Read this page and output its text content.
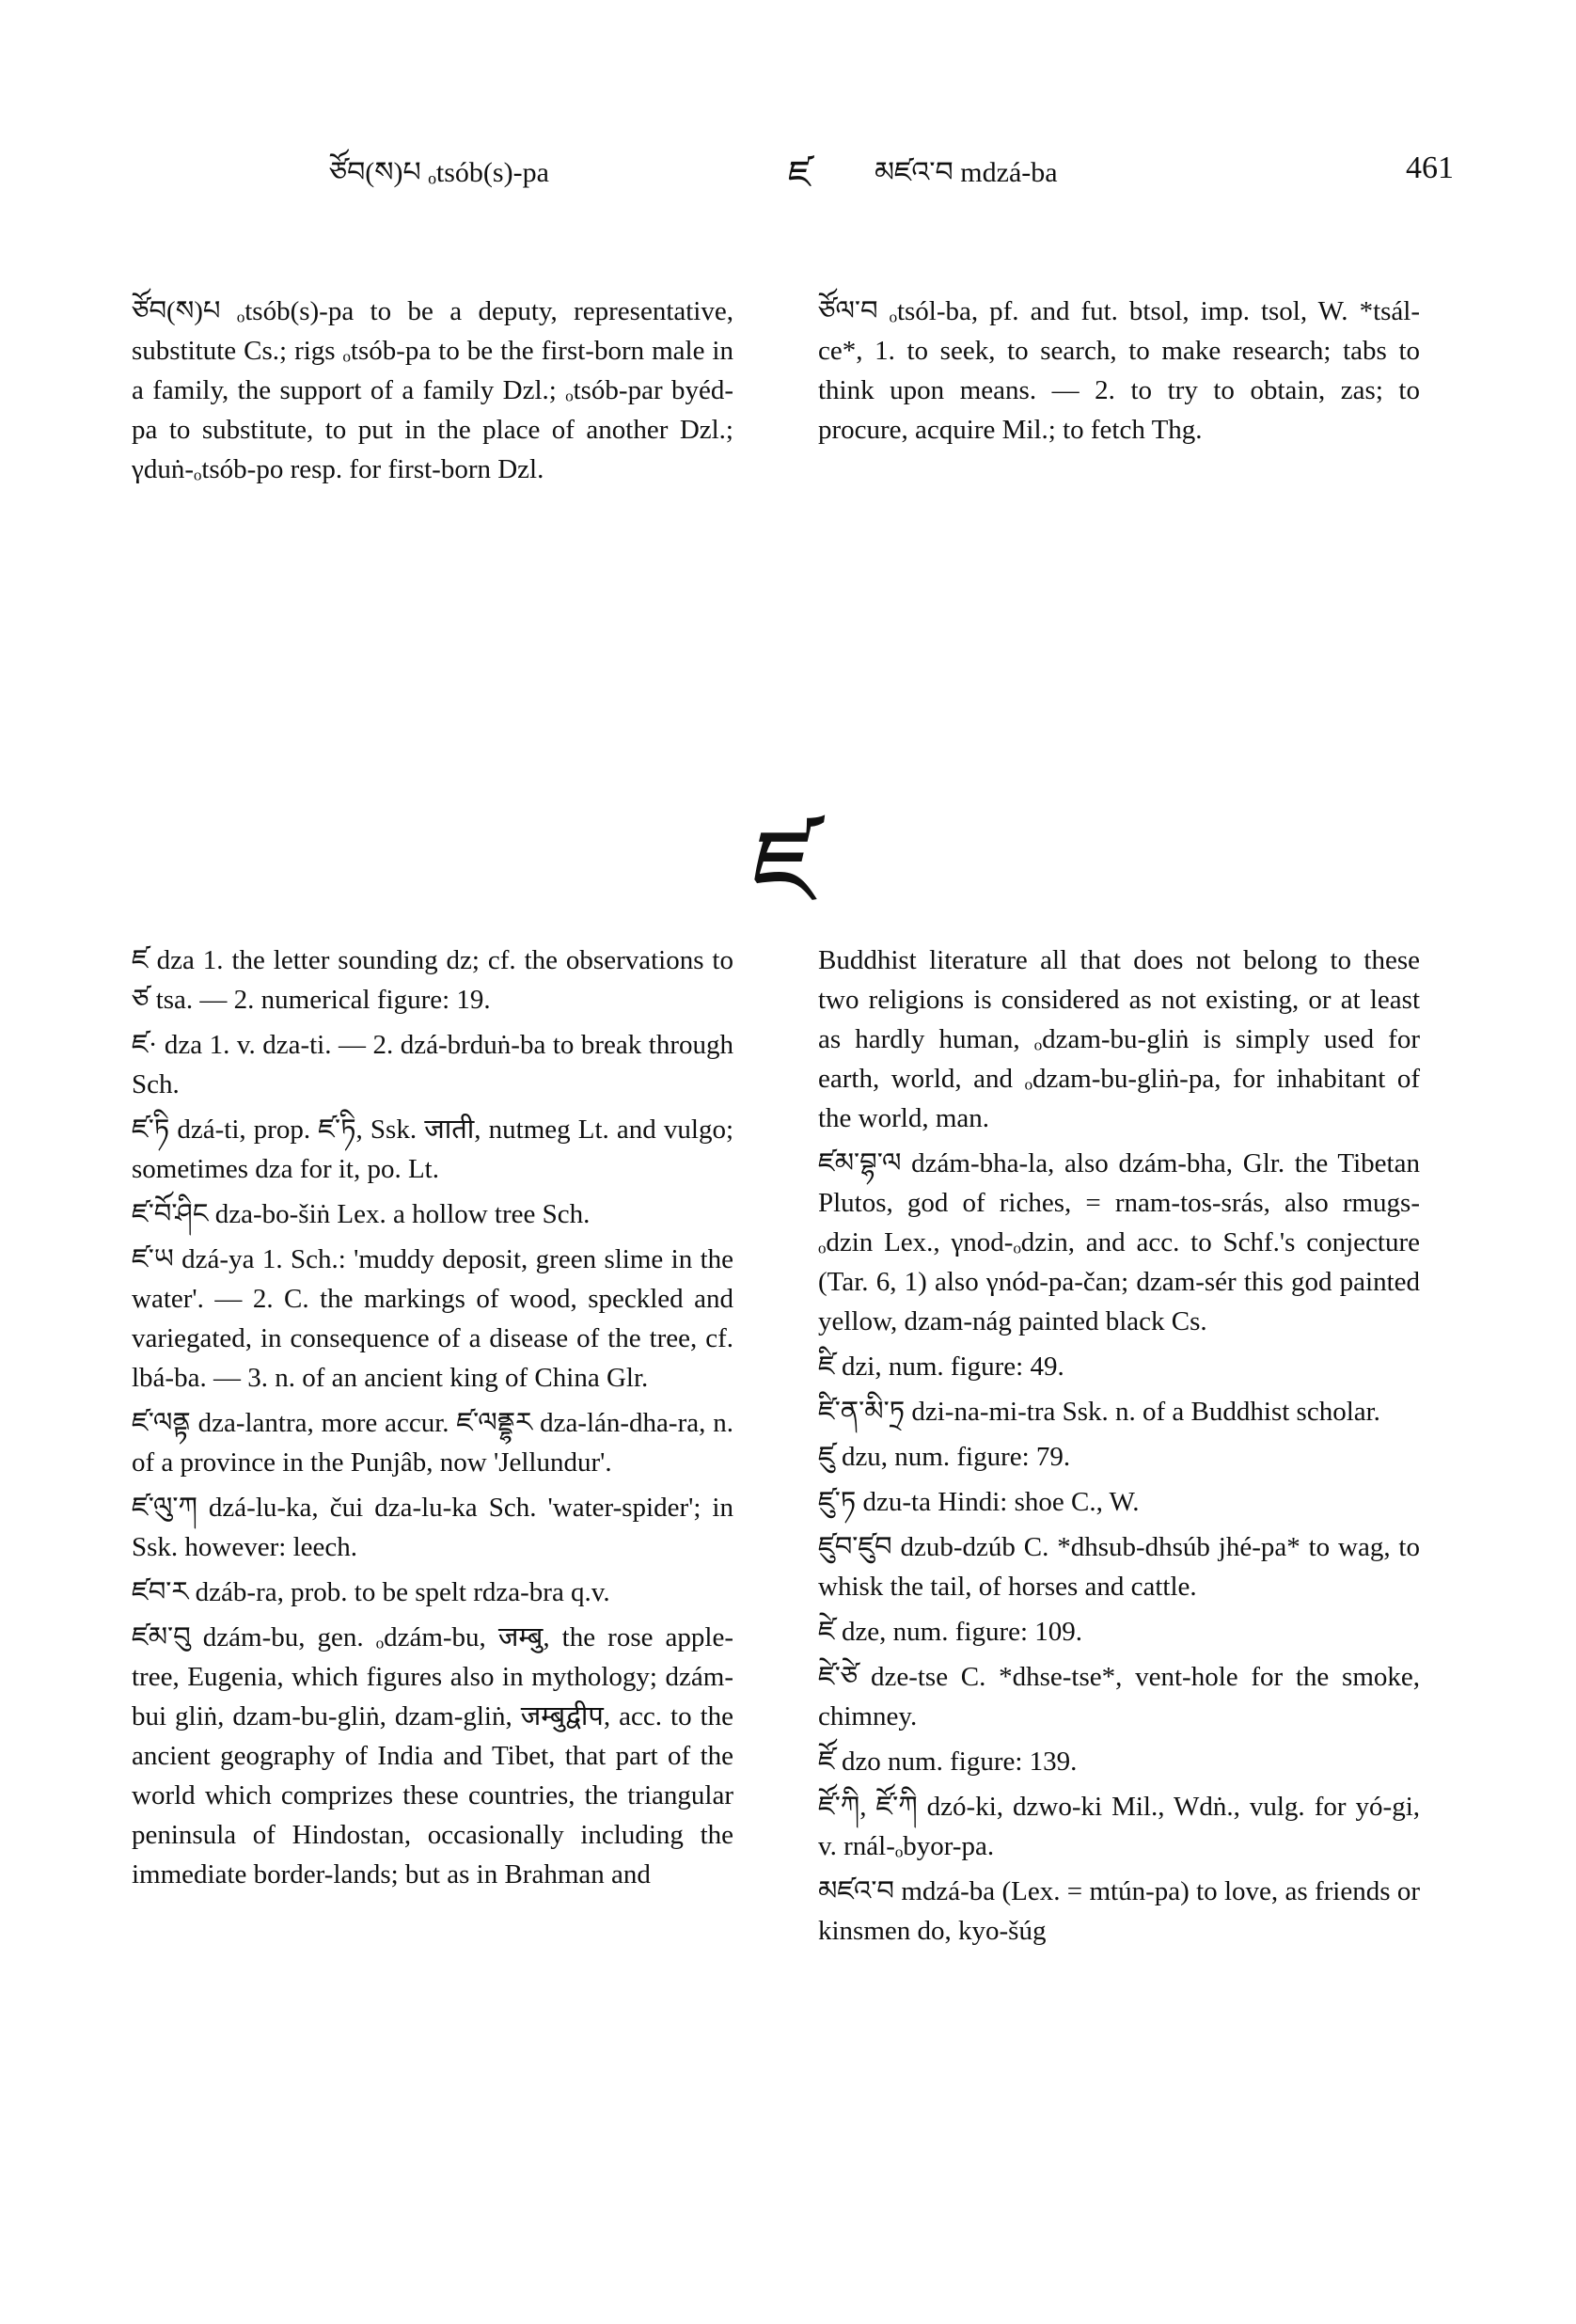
ཙོབ(ས)པ ₒtsób(s)-pa	ཛ མཛའ་བ mdzá-ba	461

ཙོབ(ས)པ ₒtsób(s)-pa to be a deputy, representative, substitute Cs.; rigs ₒtsób-pa to be the first-born male in a family, the support of a family Dzl.; ₒtsób-par byéd-pa to substitute, to put in the place of another Dzl.; γduṅ-ₒtsób-po resp. for first-born Dzl.

ཙོལ་བ ₒtsól-ba, pf. and fut. btsol, imp. tsol, W. *tsál-ce*, 1. to seek, to search, to make research; tabs to think upon means. — 2. to try to obtain, zas; to procure, acquire Mil.; to fetch Thg.

ཛ

ཛ dza 1. the letter sounding dz; cf. the observations to ཙ tsa. — 2. numerical figure: 19.

ཛ· dza 1. v. dza-ti. — 2. dzá-brduṅ-ba to break through Sch.

ཛ་ཏི dzá-ti, prop. ཛ་ཏི, Ssk. जाती, nutmeg Lt. and vulgo; sometimes dza for it, po. Lt.

ཛ་བོ་ཤིང dza-bo-šiṅ Lex. a hollow tree Sch.

ཛ་ཡ dzá-ya 1. Sch.: 'muddy deposit, green slime in the water'. — 2. C. the markings of wood, speckled and variegated, in consequence of a disease of the tree, cf. lbá-ba. — 3. n. of an ancient king of China Glr.

ཛ་ལནྟ dza-lantra, more accur. ཛ་ལནྡྷར dza-lán-dha-ra, n. of a province in the Punjâb, now 'Jellundur'.

ཛ་ལུ་ཀ dzá-lu-ka, čui dza-lu-ka Sch. 'water-spider'; in Ssk. however: leech.

ཛབ་ར dzáb-ra, prob. to be spelt rdza-bra q.v.

ཛམ་བུ dzám-bu, gen. ₒdzám-bu, जम्बु, the rose apple-tree, Eugenia, which figures also in mythology; dzám-bui gliṅ, dzam-bu-gliṅ, dzam-gliṅ, जम्बुद्वीप, acc. to the ancient geography of India and Tibet, that part of the world which comprizes these countries, the triangular peninsula of Hindostan, occasionally including the immediate border-lands; but as in Brahman and

Buddhist literature all that does not belong to these two religions is considered as not existing, or at least as hardly human, ₒdzam-bu-gliṅ is simply used for earth, world, and ₒdzam-bu-gliṅ-pa, for inhabitant of the world, man.

ཛམ་བྷ་ལ dzám-bha-la, also dzám-bha, Glr. the Tibetan Plutos, god of riches, = rnam-tos-srás, also rmugs-ₒdzin Lex., γnod-ₒdzin, and acc. to Schf.'s conjecture (Tar. 6, 1) also γnód-pa-čan; dzam-sér this god painted yellow, dzam-nág painted black Cs.

ཛི dzi, num. figure: 49.

ཛི་ན་མི་ཏྲ dzi-na-mi-tra Ssk. n. of a Buddhist scholar.

ཛུ dzu, num. figure: 79.

ཛུ་ཏ dzu-ta Hindi: shoe C., W.

ཛུབ་ཛུབ dzub-dzúb C. *dhsub-dhsúb jhé-pa* to wag, to whisk the tail, of horses and cattle.

ཛེ dze, num. figure: 109.

ཛེ་ཙེ dze-tse C. *dhse-tse*, vent-hole for the smoke, chimney.

ཛོ dzo num. figure: 139.

ཛོ་ཀི, ཛོ་ཀི dzó-ki, dzwo-ki Mil., Wdṅ., vulg. for yó-gi, v. rnál-ₒbyor-pa.

མཛའ་བ mdzá-ba (Lex. = mtún-pa) to love, as friends or kinsmen do, kyo-šúg
